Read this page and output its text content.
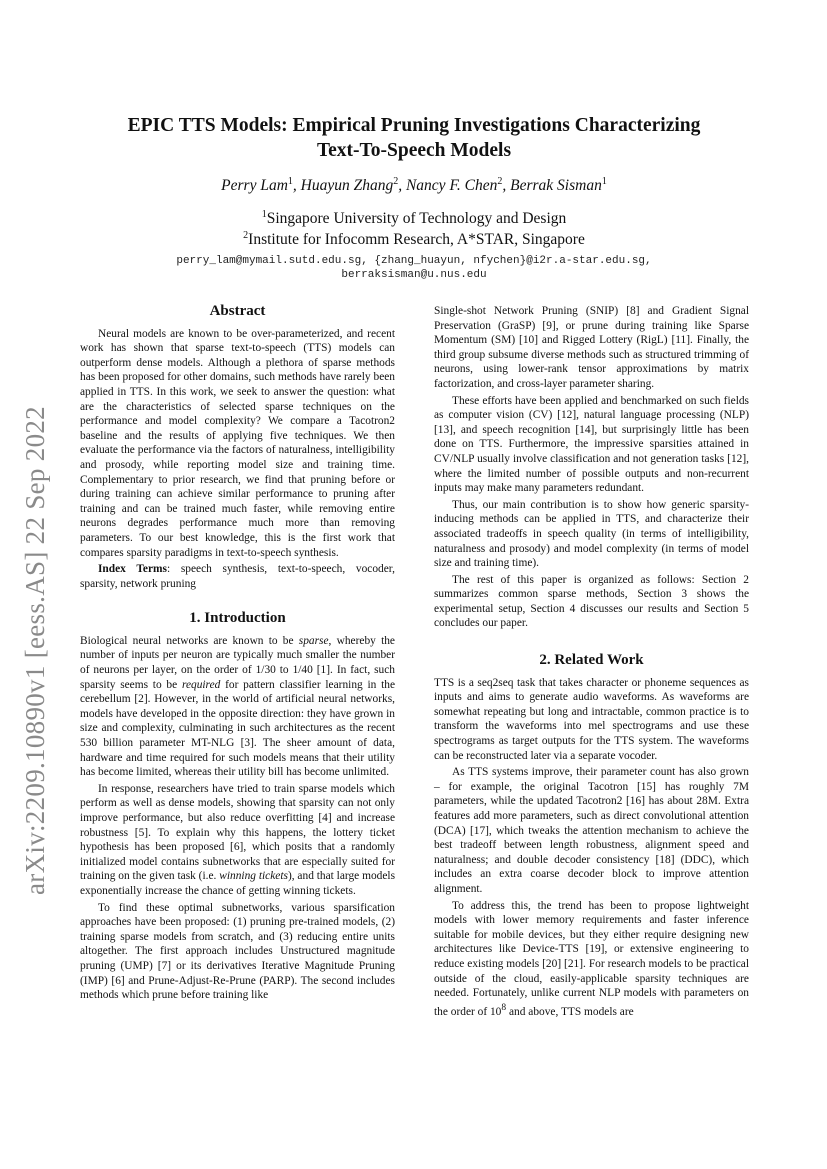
arXiv:2209.10890v1 [eess.AS] 22 Sep 2022
EPIC TTS Models: Empirical Pruning Investigations Characterizing
Text-To-Speech Models
Perry Lam$^1$, Huayun Zhang$^2$, Nancy F. Chen$^2$, Berrak Sisman$^1$
$^1$Singapore University of Technology and Design
$^2$Institute for Infocomm Research, A*STAR, Singapore
perry_lam@mymail.sutd.edu.sg, {zhang_huayun, nfychen}@i2r.a-star.edu.sg,
berraksisman@u.nus.edu
Abstract

Neural models are known to be over-parameterized, and recent work has shown that sparse text-to-speech (TTS) models can outperform dense models. Although a plethora of sparse methods has been proposed for other domains, such methods have rarely been applied in TTS. In this work, we seek to answer the question: what are the characteristics of selected sparse techniques on the performance and model complexity? We compare a Tacotron2 baseline and the results of applying five techniques. We then evaluate the performance via the factors of naturalness, intelligibility and prosody, while reporting model size and training time. Complementary to prior research, we find that pruning before or during training can achieve similar performance to pruning after training and can be trained much faster, while removing entire neurons degrades performance much more than removing parameters. To our best knowledge, this is the first work that compares sparsity paradigms in text-to-speech synthesis.

Index Terms: speech synthesis, text-to-speech, vocoder, sparsity, network pruning

1. Introduction

Biological neural networks are known to be sparse, whereby the number of inputs per neuron are typically much smaller the number of neurons per layer, on the order of 1/30 to 1/40 [1]. In fact, such sparsity seems to be required for pattern classifier learning in the cerebellum [2]. However, in the world of artificial neural networks, models have developed in the opposite direction: they have grown in size and complexity, culminating in such architectures as the recent 530 billion parameter MT-NLG [3]. The sheer amount of data, hardware and time required for such models means that their utility has become limited, whereas their utility bill has become unlimited.

In response, researchers have tried to train sparse models which perform as well as dense models, showing that sparsity can not only improve performance, but also reduce overfitting [4] and increase robustness [5]. To explain why this happens, the lottery ticket hypothesis has been proposed [6], which posits that a randomly initialized model contains subnetworks that are especially suited for training on the given task (i.e. winning tickets), and that large models exponentially increase the chance of getting winning tickets.

To find these optimal subnetworks, various sparsification approaches have been proposed: (1) pruning pre-trained models, (2) training sparse models from scratch, and (3) reducing entire units altogether. The first approach includes Unstructured magnitude pruning (UMP) [7] or its derivatives Iterative Magnitude Pruning (IMP) [6] and Prune-Adjust-Re-Prune (PARP). The second includes methods which prune before training like

Single-shot Network Pruning (SNIP) [8] and Gradient Signal Preservation (GraSP) [9], or prune during training like Sparse Momentum (SM) [10] and Rigged Lottery (RigL) [11]. Finally, the third group subsume diverse methods such as structured trimming of neurons, using lower-rank tensor approximations by matrix factorization, and cross-layer parameter sharing.

These efforts have been applied and benchmarked on such fields as computer vision (CV) [12], natural language processing (NLP) [13], and speech recognition [14], but surprisingly little has been done on TTS. Furthermore, the impressive sparsities attained in CV/NLP usually involve classification and not generation tasks [12], where the limited number of possible outputs and non-recurrent inputs may make many parameters redundant.

Thus, our main contribution is to show how generic sparsity-inducing methods can be applied in TTS, and characterize their associated tradeoffs in speech quality (in terms of intelligibility, naturalness and prosody) and model complexity (in terms of model size and training time).

The rest of this paper is organized as follows: Section 2 summarizes common sparse methods, Section 3 shows the experimental setup, Section 4 discusses our results and Section 5 concludes our paper.

2. Related Work

TTS is a seq2seq task that takes character or phoneme sequences as inputs and aims to generate audio waveforms. As waveforms are somewhat repeating but long and intractable, common practice is to transform the waveforms into mel spectrograms and use these spectrograms as target outputs for the TTS system. The waveforms can be reconstructed later via a separate vocoder.

As TTS systems improve, their parameter count has also grown – for example, the original Tacotron [15] has roughly 7M parameters, while the updated Tacotron2 [16] has about 28M. Extra features add more parameters, such as direct convolutional attention (DCA) [17], which tweaks the attention mechanism to achieve the best tradeoff between length robustness, alignment speed and naturalness; and double decoder consistency [18] (DDC), which includes an extra coarse decoder block to improve attention alignment.

To address this, the trend has been to propose lightweight models with lower memory requirements and faster inference suitable for mobile devices, but they either require designing new architectures like Device-TTS [19], or extensive engineering to reduce existing models [20] [21]. For research models to be practical outside of the cloud, easily-applicable sparsity techniques are needed. Fortunately, unlike current NLP models with parameters on the order of $10^8$ and above, TTS models are
